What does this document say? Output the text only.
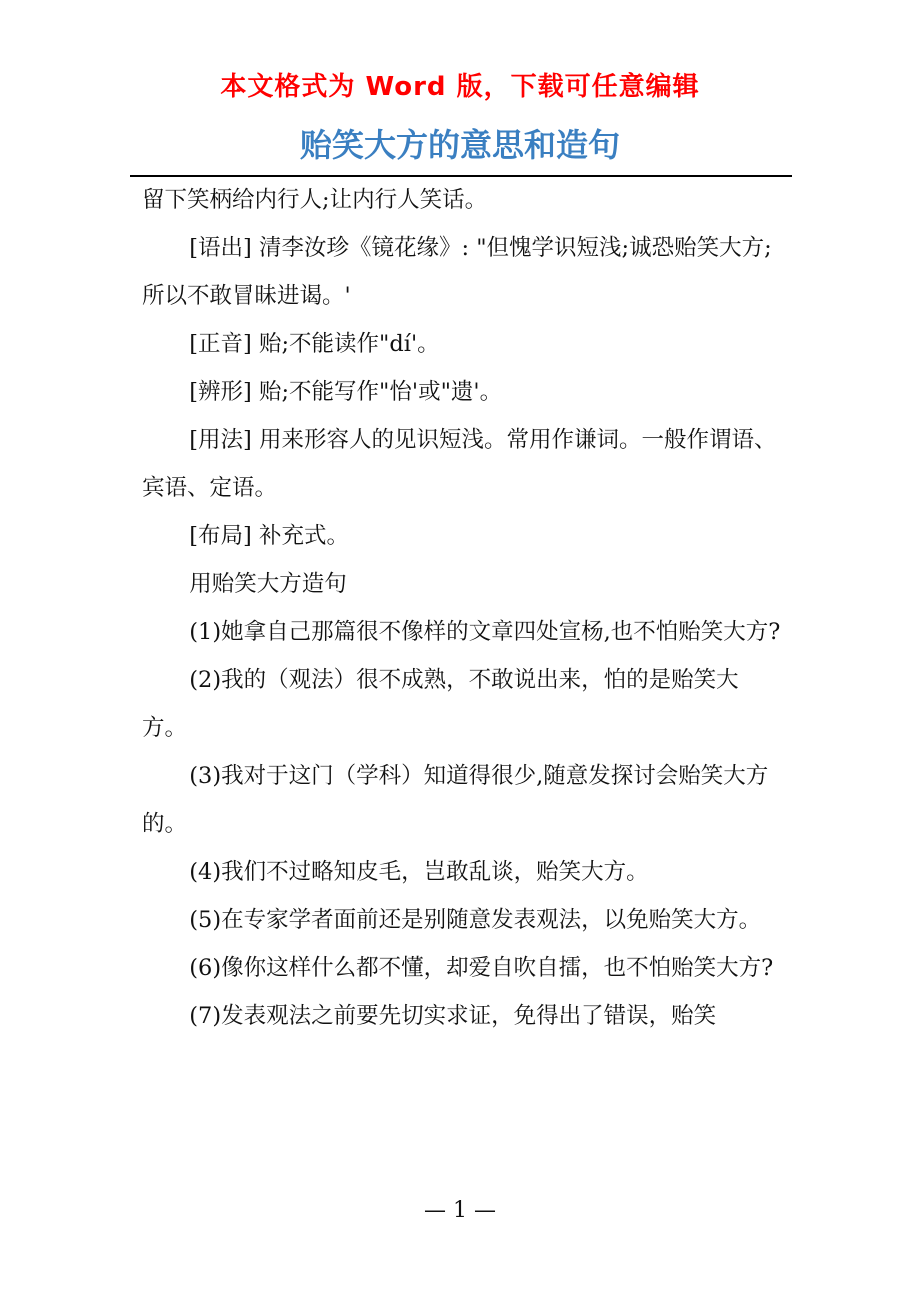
本文格式为 Word 版，下载可任意编辑
贻笑大方的意思和造句

留下笑柄给内行人;让内行人笑话。

[语出] 清李汝珍《镜花缘》: "但愧学识短浅;诚恐贻笑大方;所以不敢冒昧进谒。'

[正音] 贻;不能读作"dí'。

[辨形] 贻;不能写作"怡'或"遗'。

[用法] 用来形容人的见识短浅。常用作谦词。一般作谓语、宾语、定语。

[布局] 补充式。

用贻笑大方造句

(1)她拿自己那篇很不像样的文章四处宣杨,也不怕贻笑大方?

(2)我的（观法）很不成熟，不敢说出来，怕的是贻笑大方。

(3)我对于这门（学科）知道得很少,随意发探讨会贻笑大方的。

(4)我们不过略知皮毛，岂敢乱谈，贻笑大方。

(5)在专家学者面前还是别随意发表观法，以免贻笑大方。

(6)像你这样什么都不懂，却爱自吹自擂，也不怕贻笑大方?

(7)发表观法之前要先切实求证，免得出了错误，贻笑

— 1 —
